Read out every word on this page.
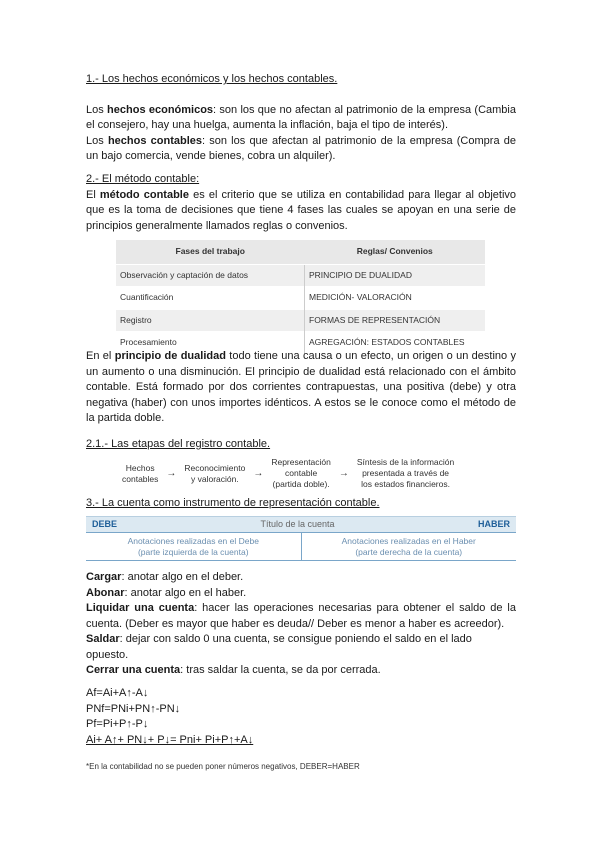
1.- Los hechos económicos y los hechos contables.

Los hechos económicos: son los que no afectan al patrimonio de la empresa (Cambia el consejero, hay una huelga, aumenta la inflación, baja el tipo de interés).

Los hechos contables: son los que afectan al patrimonio de la empresa (Compra de un bajo comercia, vende bienes, cobra un alquiler).

2.- El método contable:

El método contable es el criterio que se utiliza en contabilidad para llegar al objetivo que es la toma de decisiones que tiene 4 fases las cuales se apoyan en una serie de principios generalmente llamados reglas o convenios.

Fases del trabajo	Reglas/ Convenios
Observación y captación de datos	PRINCIPIO DE DUALIDAD
Cuantificación	MEDICIÓN- VALORACIÓN
Registro	FORMAS DE REPRESENTACIÓN
Procesamiento	AGREGACIÓN: ESTADOS CONTABLES

En el principio de dualidad todo tiene una causa o un efecto, un origen o un destino y un aumento o una disminución. El principio de dualidad está relacionado con el ámbito contable. Está formado por dos corrientes contrapuestas, una positiva (debe) y otra negativa (haber) con unos importes idénticos. A estos se le conoce como el método de la partida doble.

2.1.- Las etapas del registro contable.
Hechos
contables →
Reconocimiento
y valoración.	→
Representación
contable
(partida doble).
→
Síntesis de la información
presentada a través de
los estados financieros.
3.- La cuenta como instrumento de representación contable.
DEBE	Título de la cuenta	HABER
Anotaciones realizadas en el Debe
(parte izquierda de la cuenta)
Anotaciones realizadas en el Haber
(parte derecha de la cuenta)

Cargar: anotar algo en el deber.

Abonar: anotar algo en el haber.

Liquidar una cuenta: hacer las operaciones necesarias para obtener el saldo de la cuenta. (Deber es mayor que haber es deuda// Deber es menor a haber es acreedor).

Saldar: dejar con saldo 0 una cuenta, se consigue poniendo el saldo en el lado opuesto.

Cerrar una cuenta: tras saldar la cuenta, se da por cerrada.

Af=Ai+A↑-A↓

PNf=PNi+PN↑-PN↓

Pf=Pi+P↑-P↓

Ai+ A↑+ PN↓+ P↓= Pni+ Pi+P↑+A↓

*En la contabilidad no se pueden poner números negativos, DEBER=HABER
